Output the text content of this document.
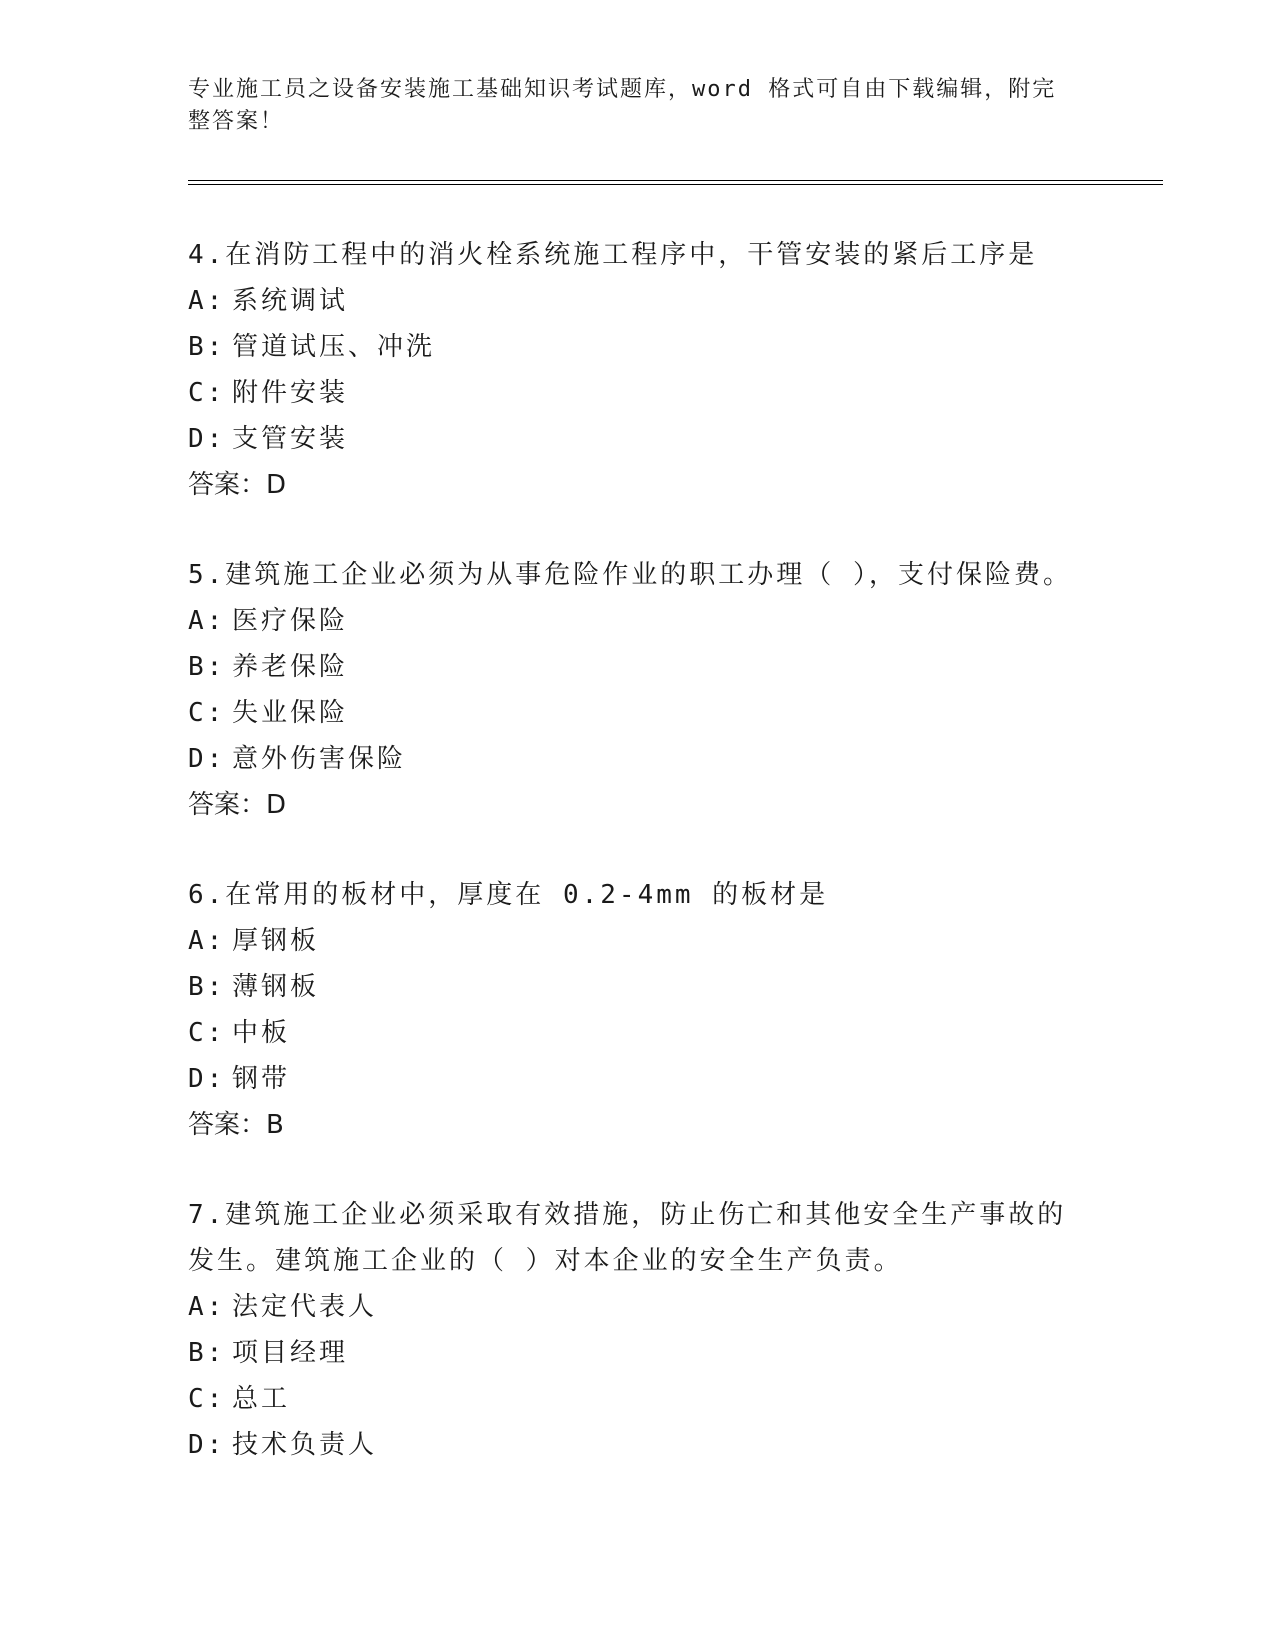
专业施工员之设备安装施工基础知识考试题库，word 格式可自由下载编辑，附完整答案！
4.在消防工程中的消火栓系统施工程序中，干管安装的紧后工序是
A: 系统调试
B: 管道试压、冲洗
C: 附件安装
D: 支管安装
答案：D
5.建筑施工企业必须为从事危险作业的职工办理（ ），支付保险费。
A: 医疗保险
B: 养老保险
C: 失业保险
D: 意外伤害保险
答案：D
6.在常用的板材中，厚度在 0.2-4mm 的板材是
A: 厚钢板
B: 薄钢板
C: 中板
D: 钢带
答案：B
7.建筑施工企业必须采取有效措施，防止伤亡和其他安全生产事故的发生。建筑施工企业的（ ）对本企业的安全生产负责。
A: 法定代表人
B: 项目经理
C: 总工
D: 技术负责人
